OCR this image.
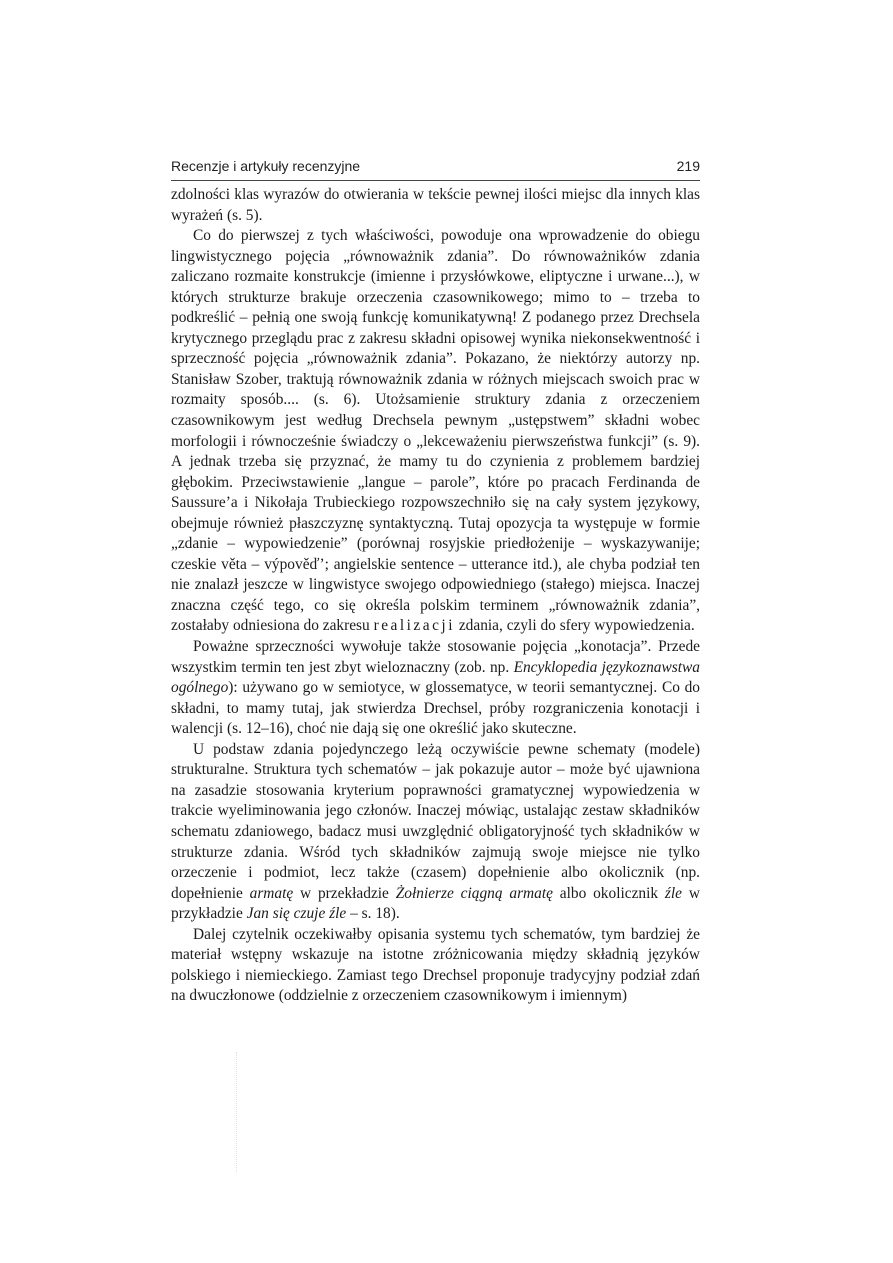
Recenzje i artykuły recenzyjne	219

zdolności klas wyrazów do otwierania w tekście pewnej ilości miejsc dla innych klas wyrażeń (s. 5).

Co do pierwszej z tych właściwości, powoduje ona wprowadzenie do obiegu lingwistycznego pojęcia „równoważnik zdania”. Do równoważników zdania zaliczano rozmaite konstrukcje (imienne i przysłówkowe, eliptyczne i urwane...), w których strukturze brakuje orzeczenia czasownikowego; mimo to – trzeba to podkreślić – pełnią one swoją funkcję komunikatywną! Z podanego przez Drechsela krytycznego przeglądu prac z zakresu składni opisowej wynika niekonsekwentność i sprzeczność pojęcia „równoważnik zdania”. Pokazano, że niektórzy autorzy np. Stanisław Szober, traktują równoważnik zdania w różnych miejscach swoich prac w rozmaity sposób.... (s. 6). Utożsamienie struktury zdania z orzeczeniem czasownikowym jest według Drechsela pewnym „ustępstwem” składni wobec morfologii i równocześnie świadczy o „lekceważeniu pierwszeństwa funkcji” (s. 9). A jednak trzeba się przyznać, że mamy tu do czynienia z problemem bardziej głębokim. Przeciwstawienie „langue – parole”, które po pracach Ferdinanda de Saussure’a i Nikołaja Trubieckiego rozpowszechniło się na cały system językowy, obejmuje również płaszczyznę syntaktyczną. Tutaj opozycja ta występuje w formie „zdanie – wypowiedzenie” (porównaj rosyjskie priedłożenije – wyskazywanije; czeskie věta – výpověď’; angielskie sentence – utterance itd.), ale chyba podział ten nie znalazł jeszcze w lingwistyce swojego odpowiedniego (stałego) miejsca. Inaczej znaczna część tego, co się określa polskim terminem „równoważnik zdania”, zostałaby odniesiona do zakresu realizacji zdania, czyli do sfery wypowiedzenia.

Poważne sprzeczności wywołuje także stosowanie pojęcia „konotacja”. Przede wszystkim termin ten jest zbyt wieloznaczny (zob. np. Encyklopedia językoznawstwa ogólnego): używano go w semiotyce, w glossematyce, w teorii semantycznej. Co do składni, to mamy tutaj, jak stwierdza Drechsel, próby rozgraniczenia konotacji i walencji (s. 12–16), choć nie dają się one określić jako skuteczne.

U podstaw zdania pojedynczego leżą oczywiście pewne schematy (modele) strukturalne. Struktura tych schematów – jak pokazuje autor – może być ujawniona na zasadzie stosowania kryterium poprawności gramatycznej wypowiedzenia w trakcie wyeliminowania jego członów. Inaczej mówiąc, ustalając zestaw składników schematu zdaniowego, badacz musi uwzględnić obligatoryjność tych składników w strukturze zdania. Wśród tych składników zajmują swoje miejsce nie tylko orzeczenie i podmiot, lecz także (czasem) dopełnienie albo okolicznik (np. dopełnienie armatę w przekładzie Żołnierze ciągną armatę albo okolicznik źle w przykładzie Jan się czuje źle – s. 18).

Dalej czytelnik oczekiwałby opisania systemu tych schematów, tym bardziej że materiał wstępny wskazuje na istotne zróżnicowania między składnią języków polskiego i niemieckiego. Zamiast tego Drechsel proponuje tradycyjny podział zdań na dwuczłonowe (oddzielnie z orzeczeniem czasownikowym i imiennym)
